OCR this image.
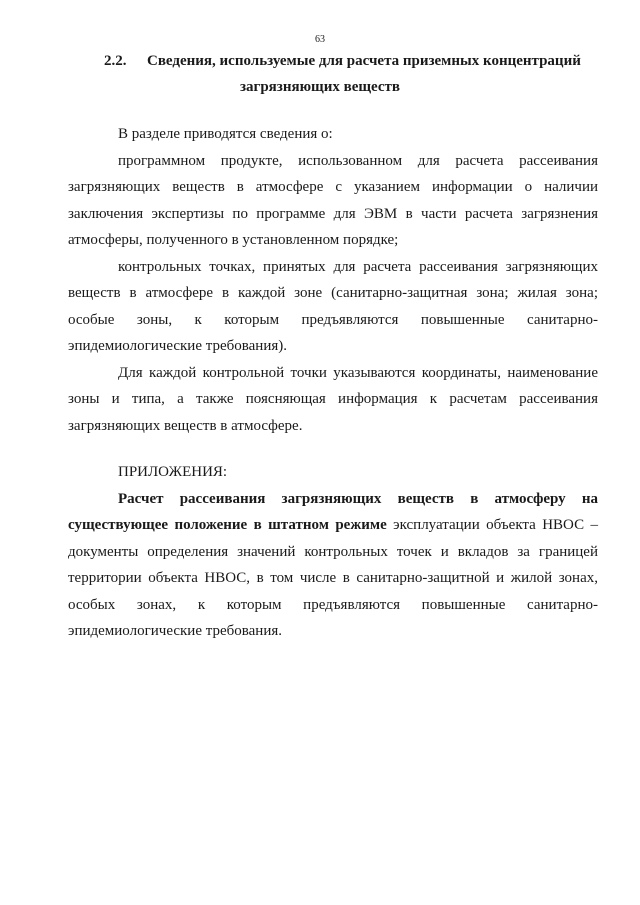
63
2.2. Сведения, используемые для расчета приземных концентраций
загрязняющих веществ

В разделе приводятся сведения о:

программном продукте, использованном для расчета рассеивания загрязняющих веществ в атмосфере с указанием информации о наличии заключения экспертизы по программе для ЭВМ в части расчета загрязнения атмосферы, полученного в установленном порядке;

контрольных точках, принятых для расчета рассеивания загрязняющих веществ в атмосфере в каждой зоне (санитарно-защитная зона; жилая зона; особые зоны, к которым предъявляются повышенные санитарно-эпидемиологические требования).

Для каждой контрольной точки указываются координаты, наименование зоны и типа, а также поясняющая информация к расчетам рассеивания загрязняющих веществ в атмосфере.

ПРИЛОЖЕНИЯ:

Расчет рассеивания загрязняющих веществ в атмосферу на существующее положение в штатном режиме эксплуатации объекта НВОС – документы определения значений контрольных точек и вкладов за границей территории объекта НВОС, в том числе в санитарно-защитной и жилой зонах, особых зонах, к которым предъявляются повышенные санитарно-эпидемиологические требования.
